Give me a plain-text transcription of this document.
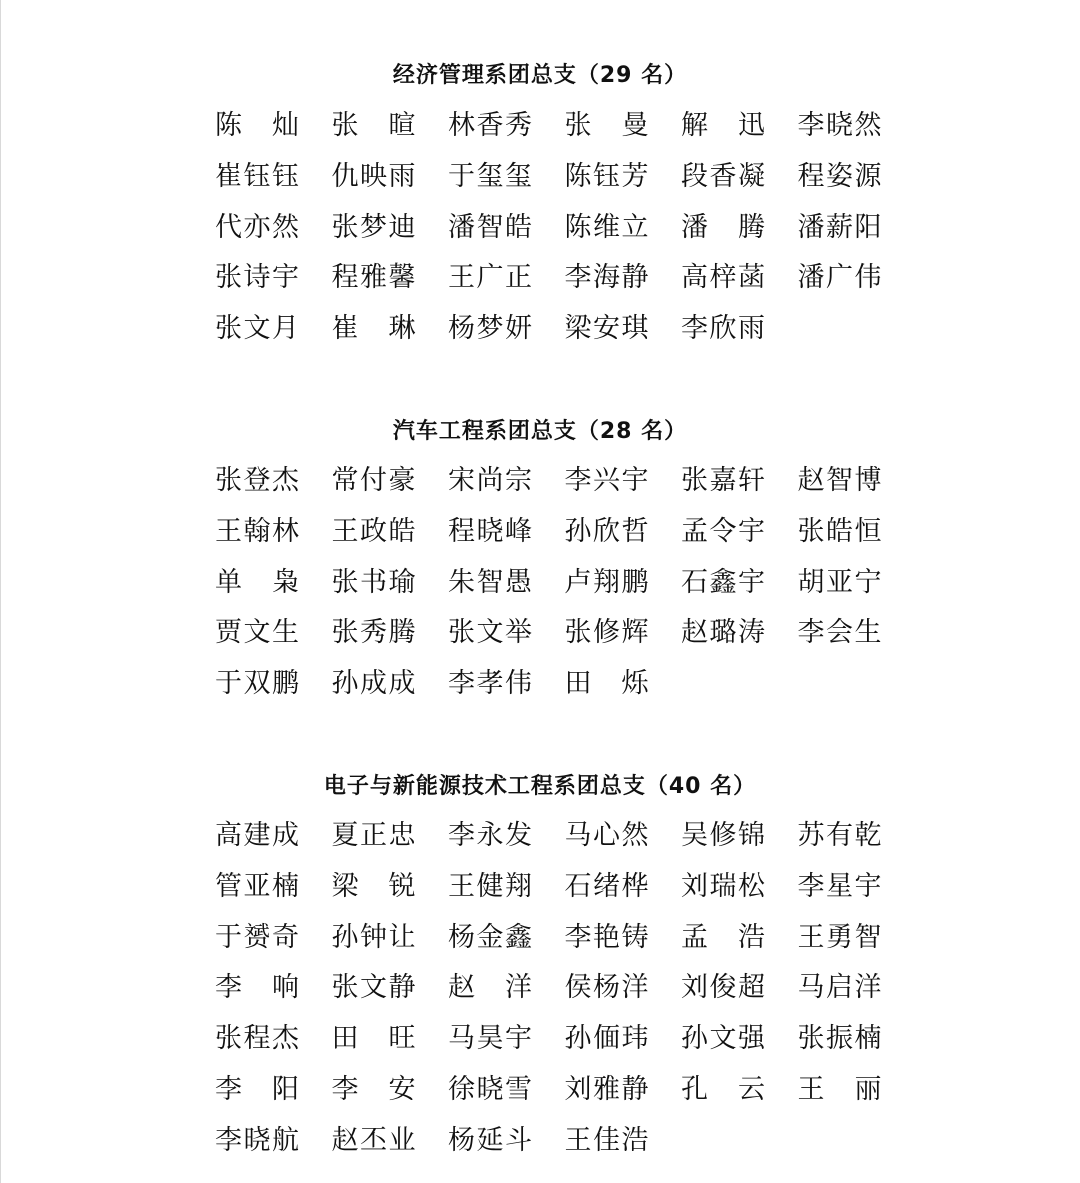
经济管理系团总支（29 名）
陈 灿 张 暄 林 香 秀 张 曼 解 迅 李 晓 然
崔 钰 钰 仇 映 雨 于 玺 玺 陈 钰 芳 段 香 凝 程 姿 源
代 亦 然 张 梦 迪 潘 智 皓 陈 维 立 潘 腾 潘 薪 阳
张 诗 宇 程 雅 馨 王 广 正 李 海 静 高 梓 菡 潘 广 伟
张 文 月 崔 琳 杨 梦 妍 梁 安 琪 李 欣 雨
汽车工程系团总支（28 名）
张 登 杰 常 付 豪 宋 尚 宗 李 兴 宇 张 嘉 轩 赵 智 博
王 翰 林 王 政 皓 程 晓 峰 孙 欣 哲 孟 令 宇 张 皓 恒
单 枭 张 书 瑜 朱 智 愚 卢 翔 鹏 石 鑫 宇 胡 亚 宁
贾 文 生 张 秀 腾 张 文 举 张 修 辉 赵 璐 涛 李 会 生
于 双 鹏 孙 成 成 李 孝 伟 田 烁
电子与新能源技术工程系团总支（40 名）
高 建 成 夏 正 忠 李 永 发 马 心 然 吴 修 锦 苏 有 乾
管 亚 楠 梁 锐 王 健 翔 石 绪 桦 刘 瑞 松 李 星 宇
于 赟 奇 孙 钟 让 杨 金 鑫 李 艳 铸 孟 浩 王 勇 智
李 响 张 文 静 赵 洋 侯 杨 洋 刘 俊 超 马 启 洋
张 程 杰 田 旺 马 昊 宇 孙 偭 玮 孙 文 强 张 振 楠
李 阳 李 安 徐 晓 雪 刘 雅 静 孔 云 王 丽
李 晓 航 赵 丕 业 杨 延 斗 王 佳 浩
